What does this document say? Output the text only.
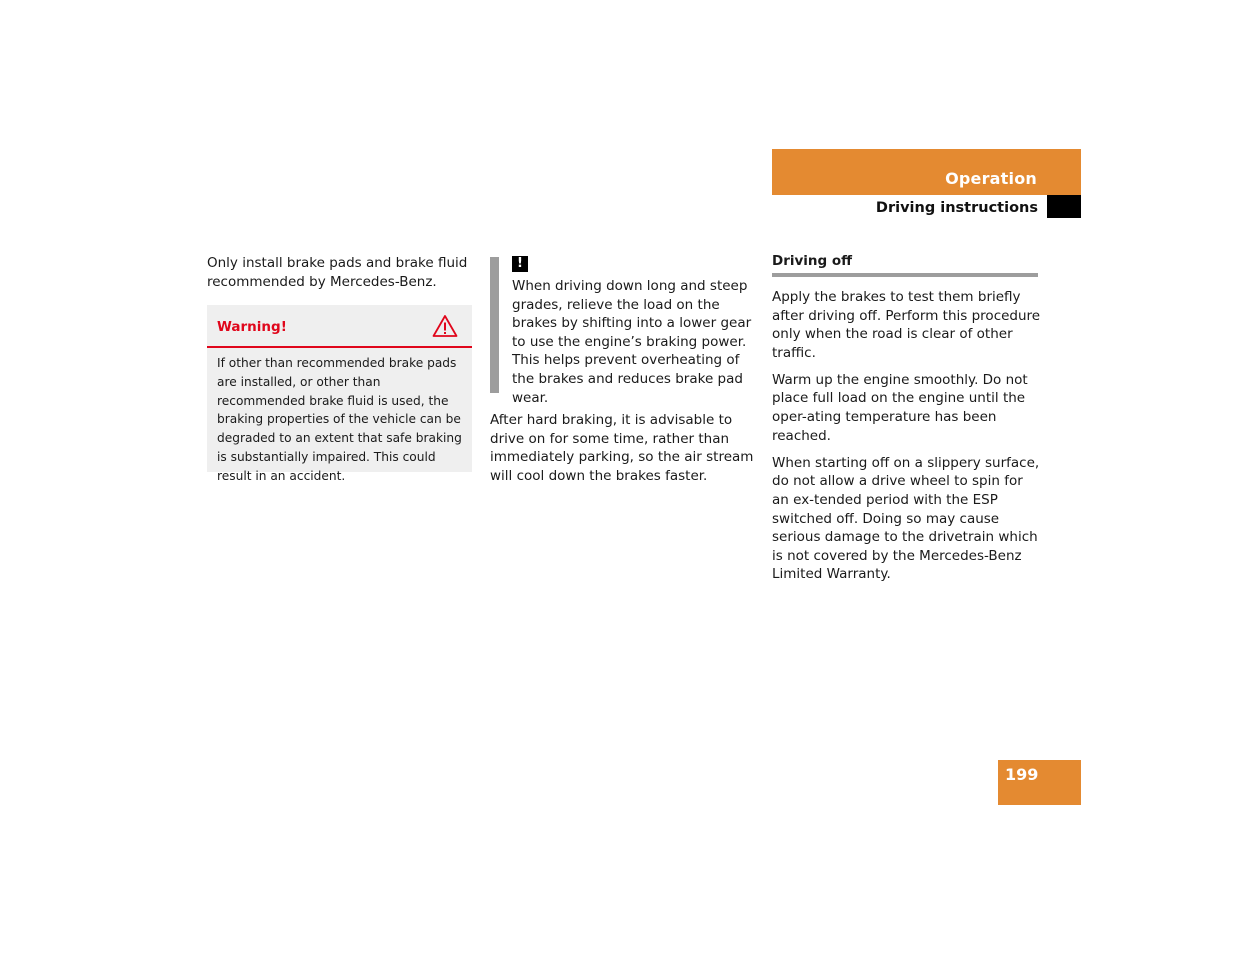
Operation
Driving instructions
Only install brake pads and brake fluid recommended by Mercedes-Benz.
Warning!
If other than recommended brake pads are installed, or other than recommended brake fluid is used, the braking properties of the vehicle can be degraded to an extent that safe braking is substantially impaired. This could result in an accident.
!
When driving down long and steep grades, relieve the load on the brakes by shifting into a lower gear to use the engine’s braking power. This helps prevent overheating of the brakes and reduces brake pad wear.
After hard braking, it is advisable to drive on for some time, rather than immediately parking, so the air stream will cool down the brakes faster.
Driving off

Apply the brakes to test them briefly after driving off. Perform this procedure only when the road is clear of other traffic.

Warm up the engine smoothly. Do not place full load on the engine until the oper-ating temperature has been reached.

When starting off on a slippery surface, do not allow a drive wheel to spin for an ex-tended period with the ESP switched off. Doing so may cause serious damage to the drivetrain which is not covered by the Mercedes-Benz Limited Warranty.

199
